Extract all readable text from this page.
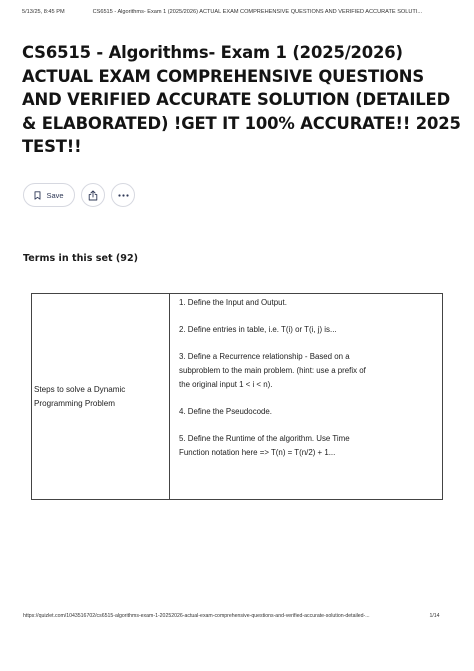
5/13/25, 8:45 PM	CS6515 - Algorithms- Exam 1 (2025/2026) ACTUAL EXAM COMPREHENSIVE QUESTIONS AND VERIFIED ACCURATE SOLUTI...
CS6515 - Algorithms- Exam 1 (2025/2026) ACTUAL EXAM COMPREHENSIVE QUESTIONS AND VERIFIED ACCURATE SOLUTION (DETAILED & ELABORATED) !GET IT 100% ACCURATE!! 2025 TEST!!
Save
Terms in this set (92)
Steps to solve a Dynamic
Programming Problem

1. Define the Input and Output.

2. Define entries in table, i.e. T(i) or T(i, j) is...

3. Define a Recurrence relationship - Based on a
subproblem to the main problem. (hint: use a prefix of
the original input 1 < i < n).

4. Define the Pseudocode.

5. Define the Runtime of the algorithm. Use Time
Function notation here => T(n) = T(n/2) + 1...

https://quizlet.com/1043516702/cs6515-algorithms-exam-1-20252026-actual-exam-comprehensive-questions-and-verified-accurate-solution-detailed-...	1/14
